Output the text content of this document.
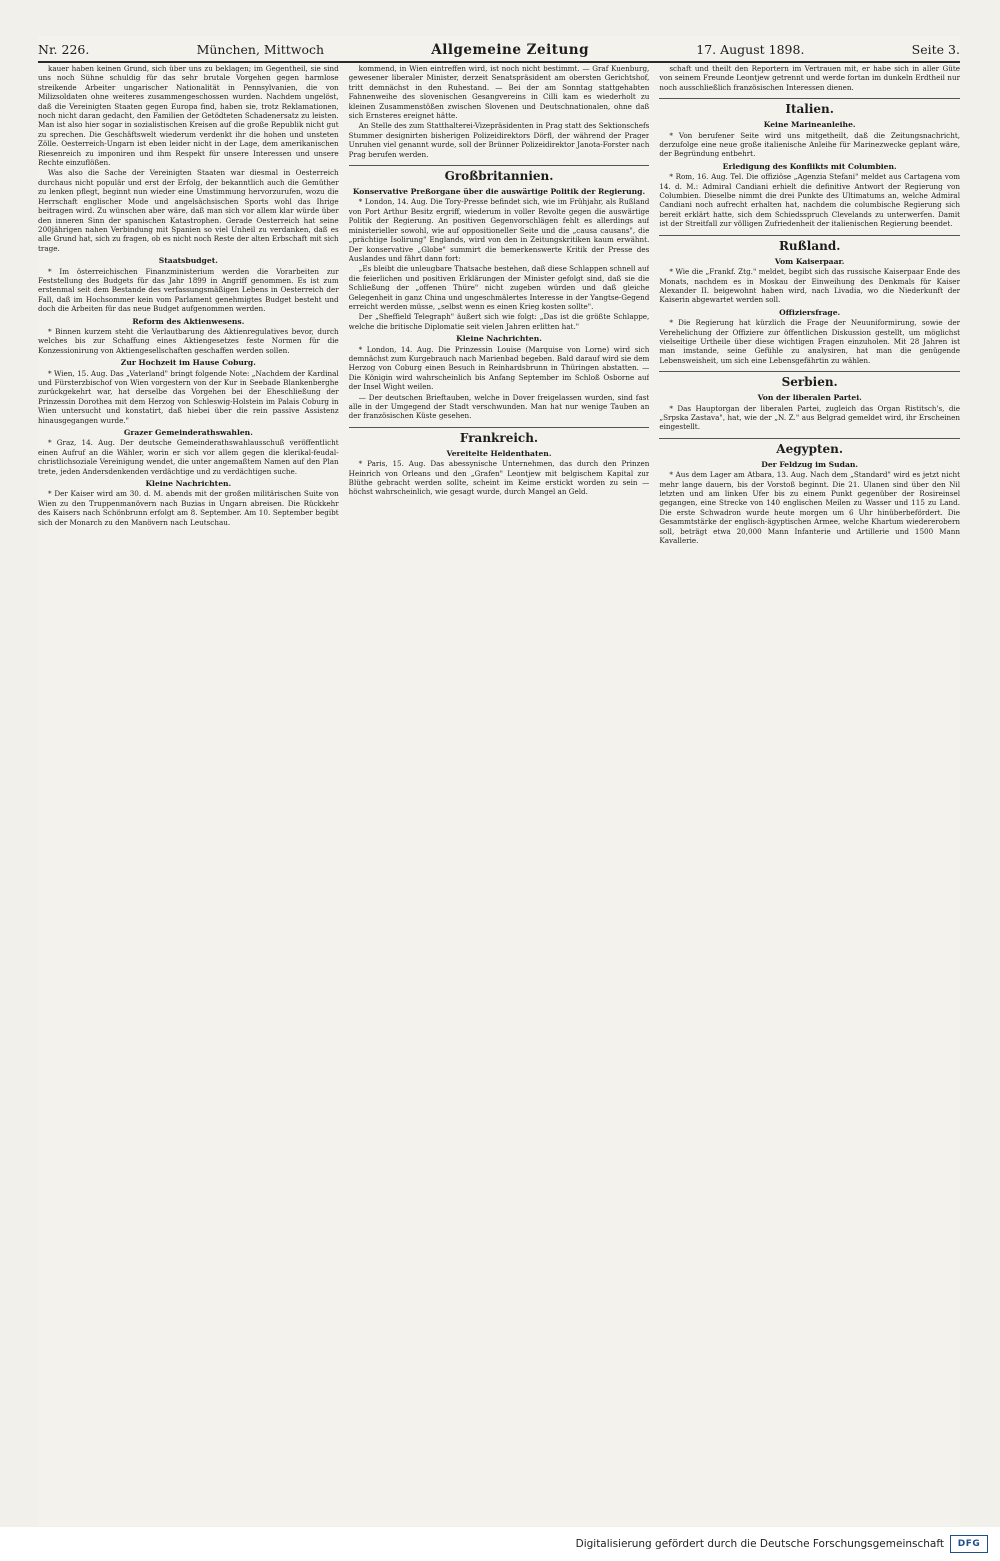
Nr. 226.	München, Mittwoch	Allgemeine Zeitung	17. August 1898.	Seite 3.

kauer haben keinen Grund, sich über uns zu beklagen; im Gegentheil, sie sind uns noch Sühne schuldig für das sehr brutale Vorgehen gegen harmlose streikende Arbeiter ungarischer Nationalität in Pennsylvanien, die von Milizsoldaten ohne weiteres zusammengeschossen wurden. Nachdem ungelöst, daß die Vereinigten Staaten gegen Europa find, haben sie, trotz Reklamationen, noch nicht daran gedacht, den Familien der Getödteten Schadenersatz zu leisten. Man ist also hier sogar in sozialistischen Kreisen auf die große Republik nicht gut zu sprechen. Die Geschäftswelt wiederum verdenkt ihr die hohen und unsteten Zölle. Oesterreich-Ungarn ist eben leider nicht in der Lage, dem amerikanischen Riesenreich zu imponiren und ihm Respekt für unsere Interessen und unsere Rechte einzuflößen.

Was also die Sache der Vereinigten Staaten war diesmal in Oesterreich durchaus nicht populär und erst der Erfolg, der bekanntlich auch die Gemüther zu lenken pflegt, beginnt nun wieder eine Umstimmung hervorzurufen, wozu die Herrschaft englischer Mode und angelsächsischen Sports wohl das Ihrige beitragen wird. Zu wünschen aber wäre, daß man sich vor allem klar würde über den inneren Sinn der spanischen Katastrophen. Gerade Oesterreich hat seine 200jährigen nahen Verbindung mit Spanien so viel Unheil zu verdanken, daß es alle Grund hat, sich zu fragen, ob es nicht noch Reste der alten Erbschaft mit sich trage.

Staatsbudget.

* Im österreichischen Finanzministerium werden die Vorarbeiten zur Feststellung des Budgets für das Jahr 1899 in Angriff genommen. Es ist zum erstenmal seit dem Bestande des verfassungsmäßigen Lebens in Oesterreich der Fall, daß im Hochsommer kein vom Parlament genehmigtes Budget besteht und doch die Arbeiten für das neue Budget aufgenommen werden.

Reform des Aktienwesens.

* Binnen kurzem steht die Verlautbarung des Aktienregulatives bevor, durch welches bis zur Schaffung eines Aktiengesetzes feste Normen für die Konzessionirung von Aktiengesellschaften geschaffen werden sollen.

Zur Hochzeit im Hause Coburg.

* Wien, 15. Aug. Das „Vaterland" bringt folgende Note: „Nachdem der Kardinal und Fürsterzbischof von Wien vorgestern von der Kur in Seebade Blankenberghe zurückgekehrt war, hat derselbe das Vorgehen bei der Eheschließung der Prinzessin Dorothea mit dem Herzog von Schleswig-Holstein im Palais Coburg in Wien untersucht und konstatirt, daß hiebei über die rein passive Assistenz hinausgegangen wurde."

Grazer Gemeinderathswahlen.

* Graz, 14. Aug. Der deutsche Gemeinderathswahlausschuß veröffentlicht einen Aufruf an die Wähler, worin er sich vor allem gegen die klerikal-feudal-christlichsoziale Vereinigung wendet, die unter angemaßtem Namen auf den Plan trete, jeden Andersdenkenden verdächtige und zu verdächtigen suche.

Kleine Nachrichten.

* Der Kaiser wird am 30. d. M. abends mit der großen militärischen Suite von Wien zu den Truppenmanövern nach Buzias in Ungarn abreisen. Die Rückkehr des Kaisers nach Schönbrunn erfolgt am 8. September. Am 10. September begibt sich der Monarch zu den Manövern nach Leutschau.

kommend, in Wien eintreffen wird, ist noch nicht bestimmt. — Graf Kuenburg, gewesener liberaler Minister, derzeit Senatspräsident am obersten Gerichtshof, tritt demnächst in den Ruhestand. — Bei der am Sonntag stattgehabten Fahnenweihe des slovenischen Gesangvereins in Cilli kam es wiederholt zu kleinen Zusammenstößen zwischen Slovenen und Deutschnationalen, ohne daß sich Ernsteres ereignet hätte.

An Stelle des zum Statthalterei-Vizepräsidenten in Prag statt des Sektionschefs Stummer designirten bisherigen Polizeidirektors Dörfl, der während der Prager Unruhen viel genannt wurde, soll der Brünner Polizeidirektor Janota-Forster nach Prag berufen werden.

Großbritannien.
Konservative Preßorgane über die auswärtige Politik der Regierung.

* London, 14. Aug. Die Tory-Presse befindet sich, wie im Frühjahr, als Rußland von Port Arthur Besitz ergriff, wiederum in voller Revolte gegen die auswärtige Politik der Regierung. An positiven Gegenvorschlägen fehlt es allerdings auf ministerieller sowohl, wie auf oppositioneller Seite und die „causa causans", die „prächtige Isolirung" Englands, wird von den in Zeitungskritiken kaum erwähnt. Der konservative „Globe" summirt die bemerkenswerte Kritik der Presse des Auslandes und fährt dann fort:

„Es bleibt die unleugbare Thatsache bestehen, daß diese Schlappen schnell auf die feierlichen und positiven Erklärungen der Minister gefolgt sind, daß sie die Schließung der „offenen Thüre" nicht zugeben würden und daß gleiche Gelegenheit in ganz China und ungeschmälertes Interesse in der Yangtse-Gegend erreicht werden müsse, „selbst wenn es einen Krieg kosten sollte".

Der „Sheffield Telegraph" äußert sich wie folgt: „Das ist die größte Schlappe, welche die britische Diplomatie seit vielen Jahren erlitten hat."

Kleine Nachrichten.

* London, 14. Aug. Die Prinzessin Louise (Marquise von Lorne) wird sich demnächst zum Kurgebrauch nach Marienbad begeben. Bald darauf wird sie dem Herzog von Coburg einen Besuch in Reinhardsbrunn in Thüringen abstatten. — Die Königin wird wahrscheinlich bis Anfang September im Schloß Osborne auf der Insel Wight weilen.

— Der deutschen Brieftauben, welche in Dover freigelassen wurden, sind fast alle in der Umgegend der Stadt verschwunden. Man hat nur wenige Tauben an der französischen Küste gesehen.

Frankreich.
Vereitelte Heldenthaten.

* Paris, 15. Aug. Das abessynische Unternehmen, das durch den Prinzen Heinrich von Orleans und den „Grafen" Leontjew mit belgischem Kapital zur Blüthe gebracht werden sollte, scheint im Keime erstickt worden zu sein — höchst wahrscheinlich, wie gesagt wurde, durch Mangel an Geld.

schaft und theilt den Reportern im Vertrauen mit, er habe sich in aller Güte von seinem Freunde Leontjew getrennt und werde fortan im dunkeln Erdtheil nur noch ausschließlich französischen Interessen dienen.

Italien.
Keine Marineanleihe.

* Von berufener Seite wird uns mitgetheilt, daß die Zeitungsnachricht, derzufolge eine neue große italienische Anleihe für Marinezwecke geplant wäre, der Begründung entbehrt.

Erledigung des Konflikts mit Columbien.

* Rom, 16. Aug. Tel. Die offiziöse „Agenzia Stefani" meldet aus Cartagena vom 14. d. M.: Admiral Candiani erhielt die definitive Antwort der Regierung von Columbien. Dieselbe nimmt die drei Punkte des Ultimatums an, welche Admiral Candiani noch aufrecht erhalten hat, nachdem die columbische Regierung sich bereit erklärt hatte, sich dem Schiedsspruch Clevelands zu unterwerfen. Damit ist der Streitfall zur völligen Zufriedenheit der italienischen Regierung beendet.

Rußland.
Vom Kaiserpaar.

* Wie die „Frankf. Ztg." meldet, begibt sich das russische Kaiserpaar Ende des Monats, nachdem es in Moskau der Einweihung des Denkmals für Kaiser Alexander II. beigewohnt haben wird, nach Livadia, wo die Niederkunft der Kaiserin abgewartet werden soll.

Offiziersfrage.

* Die Regierung hat kürzlich die Frage der Neuuniformirung, sowie der Verehelichung der Offiziere zur öffentlichen Diskussion gestellt, um möglichst vielseitige Urtheile über diese wichtigen Fragen einzuholen. Mit 28 Jahren ist man imstande, seine Gefühle zu analysiren, hat man die genügende Lebensweisheit, um sich eine Lebensgefährtin zu wählen.

Serbien.
Von der liberalen Partei.

* Das Hauptorgan der liberalen Partei, zugleich das Organ Ristitsch's, die „Srpska Zastava", hat, wie der „N. Z." aus Belgrad gemeldet wird, ihr Erscheinen eingestellt.

Aegypten.
Der Feldzug im Sudan.

* Aus dem Lager am Atbara, 13. Aug. Nach dem „Standard" wird es jetzt nicht mehr lange dauern, bis der Vorstoß beginnt. Die 21. Ulanen sind über den Nil letzten und am linken Ufer bis zu einem Punkt gegenüber der Rosireinsel gegangen, eine Strecke von 140 englischen Meilen zu Wasser und 115 zu Land. Die erste Schwadron wurde heute morgen um 6 Uhr hinüberbefördert. Die Gesammtstärke der englisch-ägyptischen Armee, welche Khartum wiedererobern soll, beträgt etwa 20,000 Mann Infanterie und Artillerie und 1500 Mann Kavallerie.

Digitalisierung gefördert durch die Deutsche Forschungsgemeinschaft	DFG
